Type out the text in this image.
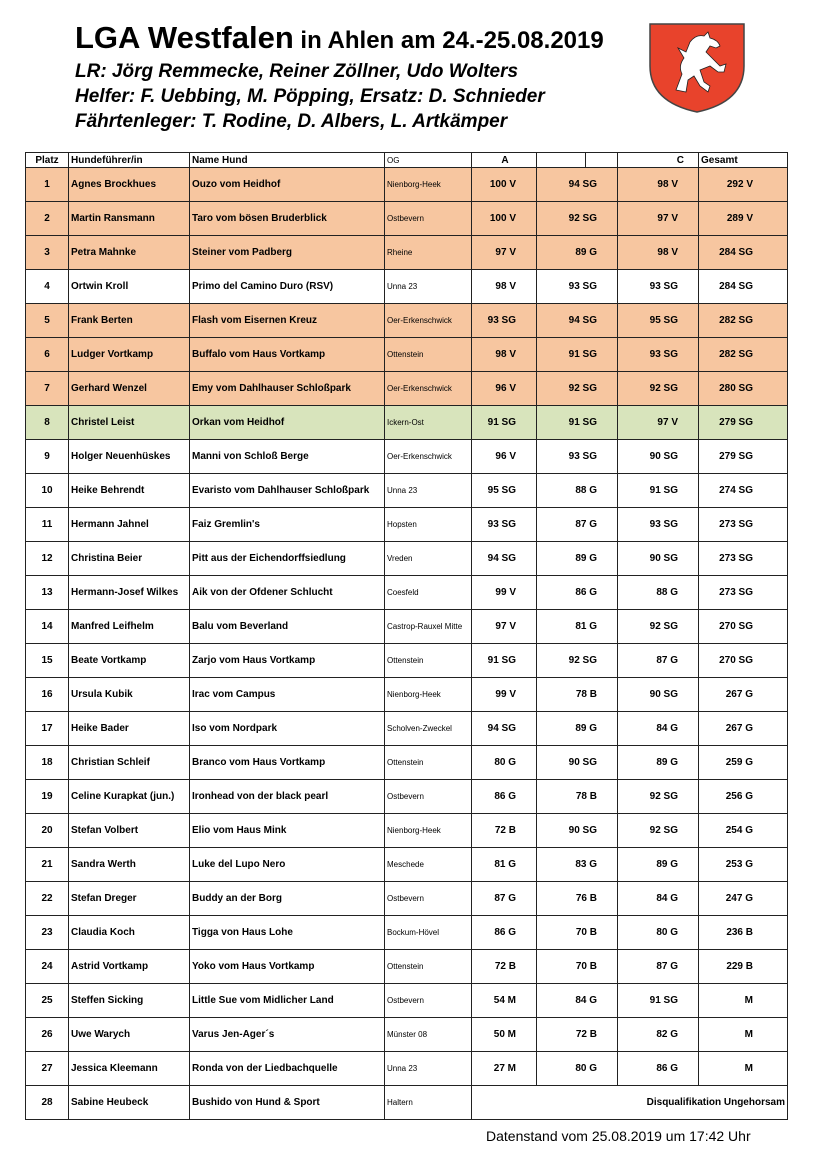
LGA Westfalen in Ahlen am 24.-25.08.2019
LR: Jörg Remmecke, Reiner Zöllner, Udo Wolters
Helfer: F. Uebbing, M. Pöpping, Ersatz: D. Schnieder
Fährtenleger: T. Rodine, D. Albers, L. Artkämper
Platz	Hundeführer/in	Name Hund	OG	A			C	Gesamt
1	Agnes Brockhues	Ouzo vom Heidhof	Nienborg-Heek	100 V	94 SG		98 V	292 V
2	Martin Ransmann	Taro vom bösen Bruderblick	Ostbevern	100 V	92 SG		97 V	289 V
3	Petra Mahnke	Steiner vom Padberg	Rheine	97 V	89 G		98 V	284 SG
4	Ortwin Kroll	Primo del Camino Duro (RSV)	Unna 23	98 V	93 SG		93 SG	284 SG
5	Frank Berten	Flash vom Eisernen Kreuz	Oer-Erkenschwick	93 SG	94 SG		95 SG	282 SG
6	Ludger Vortkamp	Buffalo vom Haus Vortkamp	Ottenstein	98 V	91 SG		93 SG	282 SG
7	Gerhard Wenzel	Emy vom Dahlhauser Schloßpark	Oer-Erkenschwick	96 V	92 SG		92 SG	280 SG
8	Christel Leist	Orkan vom Heidhof	Ickern-Ost	91 SG	91 SG		97 V	279 SG
9	Holger Neuenhüskes	Manni von Schloß Berge	Oer-Erkenschwick	96 V	93 SG		90 SG	279 SG
10	Heike Behrendt	Evaristo vom Dahlhauser Schloßpark	Unna 23	95 SG	88 G		91 SG	274 SG
11	Hermann Jahnel	Faiz Gremlin's	Hopsten	93 SG	87 G		93 SG	273 SG
12	Christina Beier	Pitt aus der Eichendorffsiedlung	Vreden	94 SG	89 G		90 SG	273 SG
13	Hermann-Josef Wilkes	Aik von der Ofdener Schlucht	Coesfeld	99 V	86 G		88 G	273 SG
14	Manfred Leifhelm	Balu vom Beverland	Castrop-Rauxel Mitte	97 V	81 G		92 SG	270 SG
15	Beate Vortkamp	Zarjo vom Haus Vortkamp	Ottenstein	91 SG	92 SG		87 G	270 SG
16	Ursula Kubik	Irac vom Campus	Nienborg-Heek	99 V	78 B		90 SG	267 G
17	Heike Bader	Iso vom Nordpark	Scholven-Zweckel	94 SG	89 G		84 G	267 G
18	Christian Schleif	Branco vom Haus Vortkamp	Ottenstein	80 G	90 SG		89 G	259 G
19	Celine Kurapkat (jun.)	Ironhead von der black pearl	Ostbevern	86 G	78 B		92 SG	256 G
20	Stefan Volbert	Elio vom Haus Mink	Nienborg-Heek	72 B	90 SG		92 SG	254 G
21	Sandra Werth	Luke del Lupo Nero	Meschede	81 G	83 G		89 G	253 G
22	Stefan Dreger	Buddy an der Borg	Ostbevern	87 G	76 B		84 G	247 G
23	Claudia Koch	Tigga von Haus Lohe	Bockum-Hövel	86 G	70 B		80 G	236 B
24	Astrid Vortkamp	Yoko vom Haus Vortkamp	Ottenstein	72 B	70 B		87 G	229 B
25	Steffen Sicking	Little Sue vom Midlicher Land	Ostbevern	54 M	84 G		91 SG	M
26	Uwe Warych	Varus Jen-Ager´s	Münster 08	50 M	72 B		82 G	M
27	Jessica Kleemann	Ronda von der Liedbachquelle	Unna 23	27 M	80 G		86 G	M
28	Sabine Heubeck	Bushido von Hund & Sport	Haltern	Disqualifikation Ungehorsam				
Datenstand vom 25.08.2019 um 17:42 Uhr
